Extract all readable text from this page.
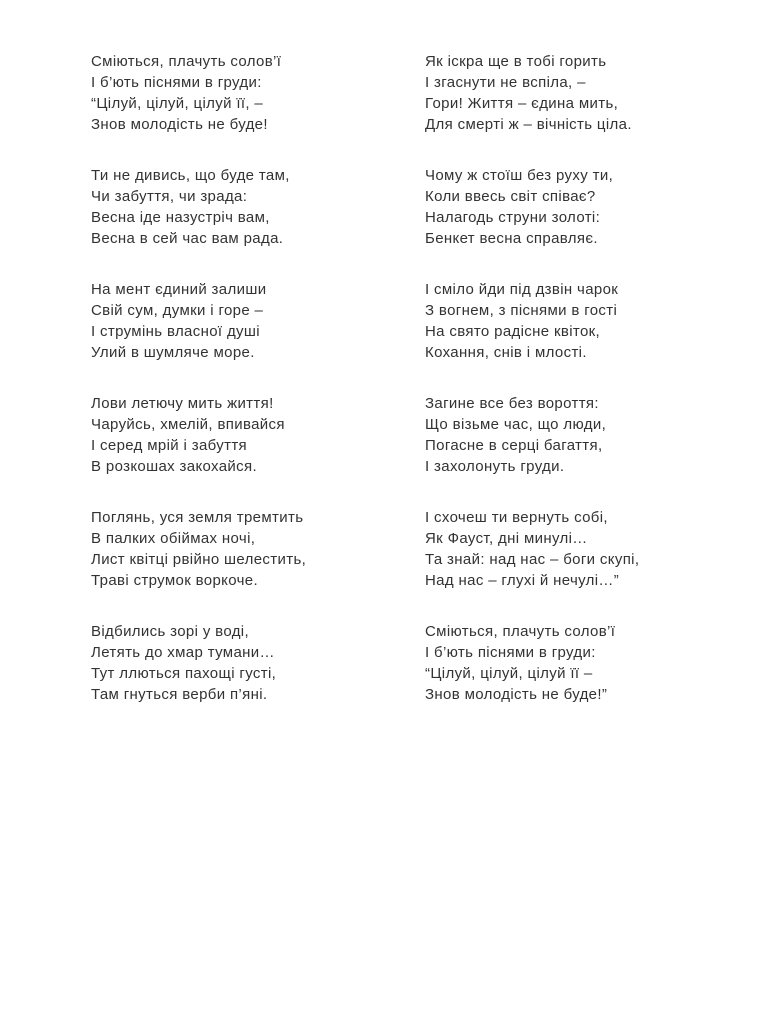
Сміються, плачуть солов’ї
І б’ють піснями в груди:
“Цілуй, цілуй, цілуй її, –
Знов молодість не буде!
Ти не дивись, що буде там,
Чи забуття, чи зрада:
Весна іде назустріч вам,
Весна в сей час вам рада.
На мент єдиний залиши
Свій сум, думки і горе –
І струмінь власної душі
Улий в шумляче море.
Лови летючу мить життя!
Чаруйсь, хмелій, впивайся
І серед мрій і забуття
В розкошах закохайся.
Поглянь, уся земля тремтить
В палких обіймах ночі,
Лист квітці рвійно шелестить,
Траві струмок воркоче.
Відбились зорі у воді,
Летять до хмар тумани…
Тут ллються пахощі густі,
Там гнуться верби п’яні.
Як іскра ще в тобі горить
І згаснути не вспіла, –
Гори! Життя – єдина мить,
Для смерті ж – вічність ціла.
Чому ж стоїш без руху ти,
Коли ввесь світ співає?
Налагодь струни золоті:
Бенкет весна справляє.
І сміло йди під дзвін чарок
З вогнем, з піснями в гості
На свято радісне квіток,
Кохання, снів і млості.
Загине все без вороття:
Що візьме час, що люди,
Погасне в серці багаття,
І захолонуть груди.
І схочеш ти вернуть собі,
Як Фауст, дні минулі…
Та знай: над нас – боги скупі,
Над нас – глухі й нечулі…”
Сміються, плачуть солов’ї
І б’ють піснями в груди:
“Цілуй, цілуй, цілуй її –
Знов молодість не буде!”
